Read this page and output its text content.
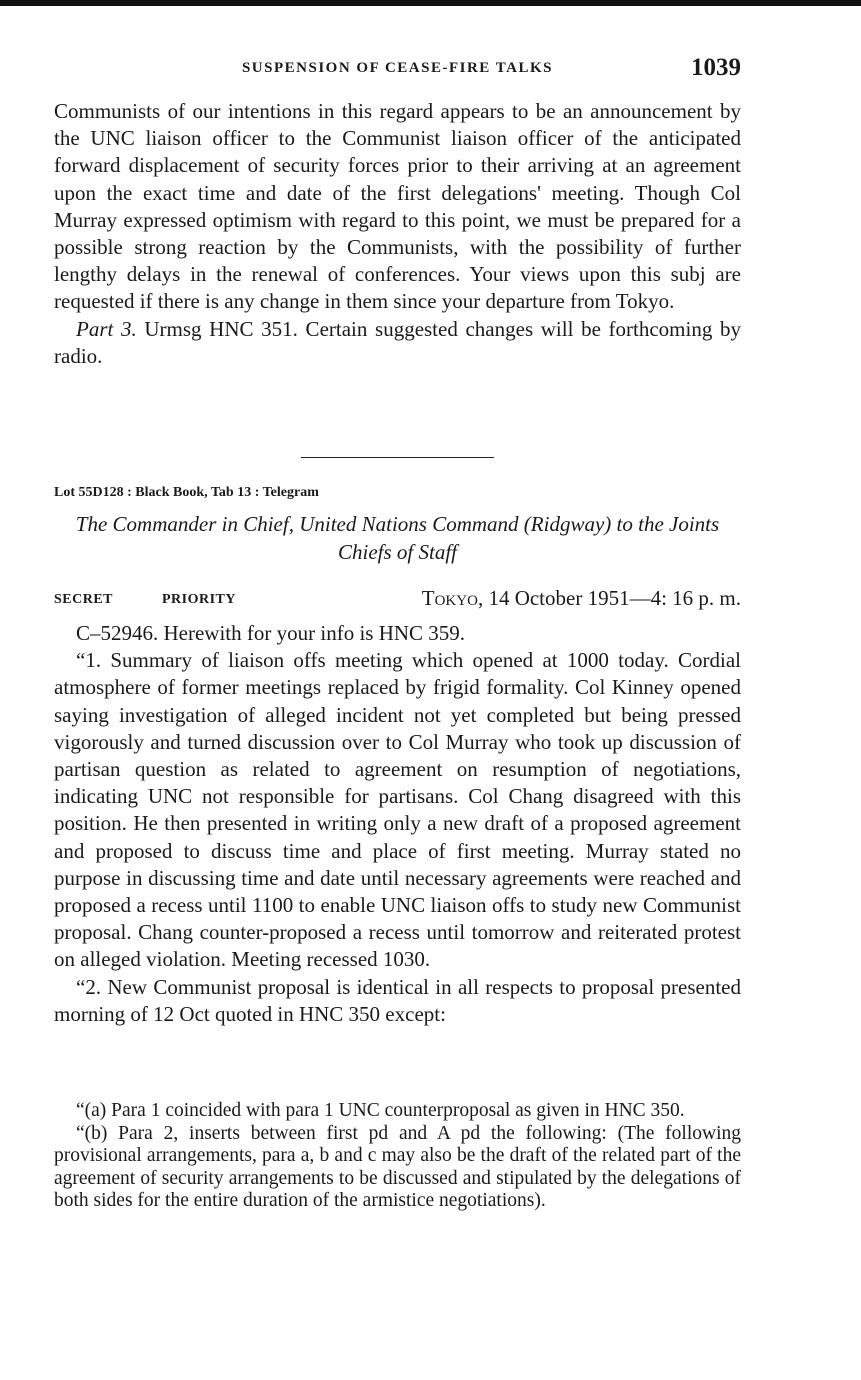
SUSPENSION OF CEASE-FIRE TALKS	1039

Communists of our intentions in this regard appears to be an announcement by the UNC liaison officer to the Communist liaison officer of the anticipated forward displacement of security forces prior to their arriving at an agreement upon the exact time and date of the first delegations' meeting. Though Col Murray expressed optimism with regard to this point, we must be prepared for a possible strong reaction by the Communists, with the possibility of further lengthy delays in the renewal of conferences. Your views upon this subj are requested if there is any change in them since your departure from Tokyo.

Part 3. Urmsg HNC 351. Certain suggested changes will be forthcoming by radio.

Lot 55D128 : Black Book, Tab 13 : Telegram
The Commander in Chief, United Nations Command (Ridgway) to the Joints Chiefs of Staff
SECRET	PRIORITY	Tokyo, 14 October 1951—4: 16 p. m.

C–52946. Herewith for your info is HNC 359.

“1. Summary of liaison offs meeting which opened at 1000 today. Cordial atmosphere of former meetings replaced by frigid formality. Col Kinney opened saying investigation of alleged incident not yet completed but being pressed vigorously and turned discussion over to Col Murray who took up discussion of partisan question as related to agreement on resumption of negotiations, indicating UNC not responsible for partisans. Col Chang disagreed with this position. He then presented in writing only a new draft of a proposed agreement and proposed to discuss time and place of first meeting. Murray stated no purpose in discussing time and date until necessary agreements were reached and proposed a recess until 1100 to enable UNC liaison offs to study new Communist proposal. Chang counter-proposed a recess until tomorrow and reiterated protest on alleged violation. Meeting recessed 1030.

“2. New Communist proposal is identical in all respects to proposal presented morning of 12 Oct quoted in HNC 350 except:

“(a) Para 1 coincided with para 1 UNC counterproposal as given in HNC 350.

“(b) Para 2, inserts between first pd and A pd the following: (The following provisional arrangements, para a, b and c may also be the draft of the related part of the agreement of security arrangements to be discussed and stipulated by the delegations of both sides for the entire duration of the armistice negotiations).
